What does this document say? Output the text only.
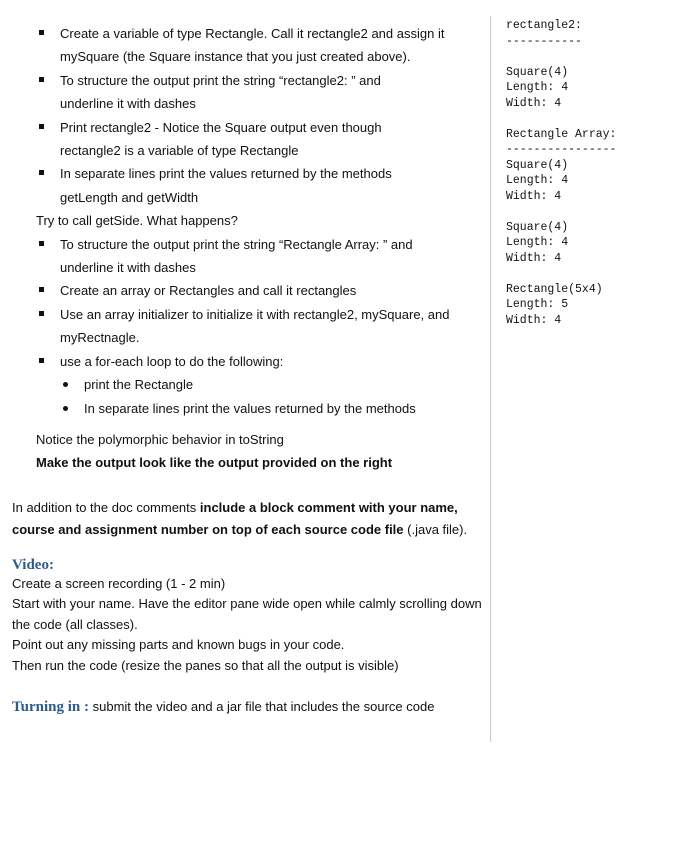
Create a variable of type Rectangle. Call it rectangle2 and assign it mySquare (the Square instance that you just created above).
To structure the output print the string “rectangle2: ” and underline it with dashes
Print rectangle2 - Notice the Square output even though rectangle2 is a variable of type Rectangle
In separate lines print the values returned by the methods getLength and getWidth
Try to call getSide. What happens?
To structure the output print the string “Rectangle Array: ” and underline it with dashes
Create an array or Rectangles and call it rectangles
Use an array initializer to initialize it with rectangle2, mySquare, and myRectnagle.
use a for-each loop to do the following:
print the Rectangle
In separate lines print the values returned by the methods
Notice the polymorphic behavior in toString
Make the output look like the output provided on the right
In addition to the doc comments include a block comment with your name, course and assignment number on top of each source code file (.java file).
Video:
Create a screen recording (1 - 2 min)
Start with your name. Have the editor pane wide open while calmly scrolling down the code (all classes).
Point out any missing parts and known bugs in your code.
Then run the code (resize the panes so that all the output is visible)
Turning in : submit the video and a jar file that includes the source code
rectangle2:
-----------
Square(4)
Length: 4
Width: 4
Rectangle Array:
----------------
Square(4)
Length: 4
Width: 4
Square(4)
Length: 4
Width: 4
Rectangle(5x4)
Length: 5
Width: 4
